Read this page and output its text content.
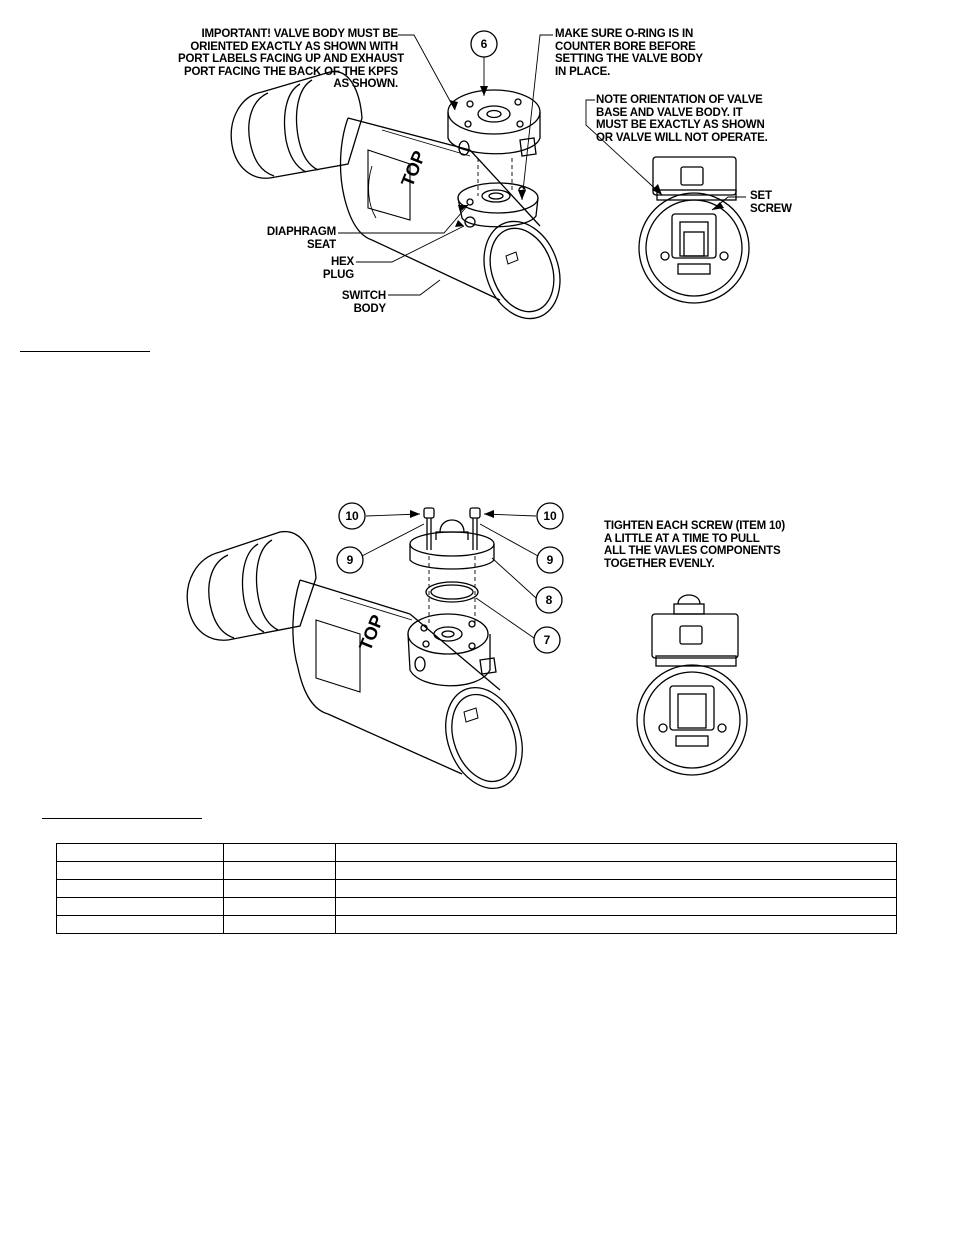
TOP
6
IMPORTANT! VALVE BODY MUST BE
ORIENTED EXACTLY AS SHOWN WITH
PORT LABELS FACING UP AND EXHAUST
PORT FACING THE BACK OF THE KPFS
AS SHOWN.
MAKE SURE O-RING IS IN
COUNTER BORE BEFORE
SETTING THE VALVE BODY
IN PLACE.
NOTE ORIENTATION OF VALVE
BASE AND VALVE BODY. IT
MUST BE EXACTLY AS SHOWN
OR VALVE WILL NOT OPERATE.
SET
SCREW
DIAPHRAGM
SEAT
HEX
PLUG
SWITCH
BODY
TOP
10	10
9	9
8
7
TIGHTEN EACH SCREW (ITEM 10)
A LITTLE AT A TIME TO PULL
ALL THE VAVLES COMPONENTS
TOGETHER EVENLY.
